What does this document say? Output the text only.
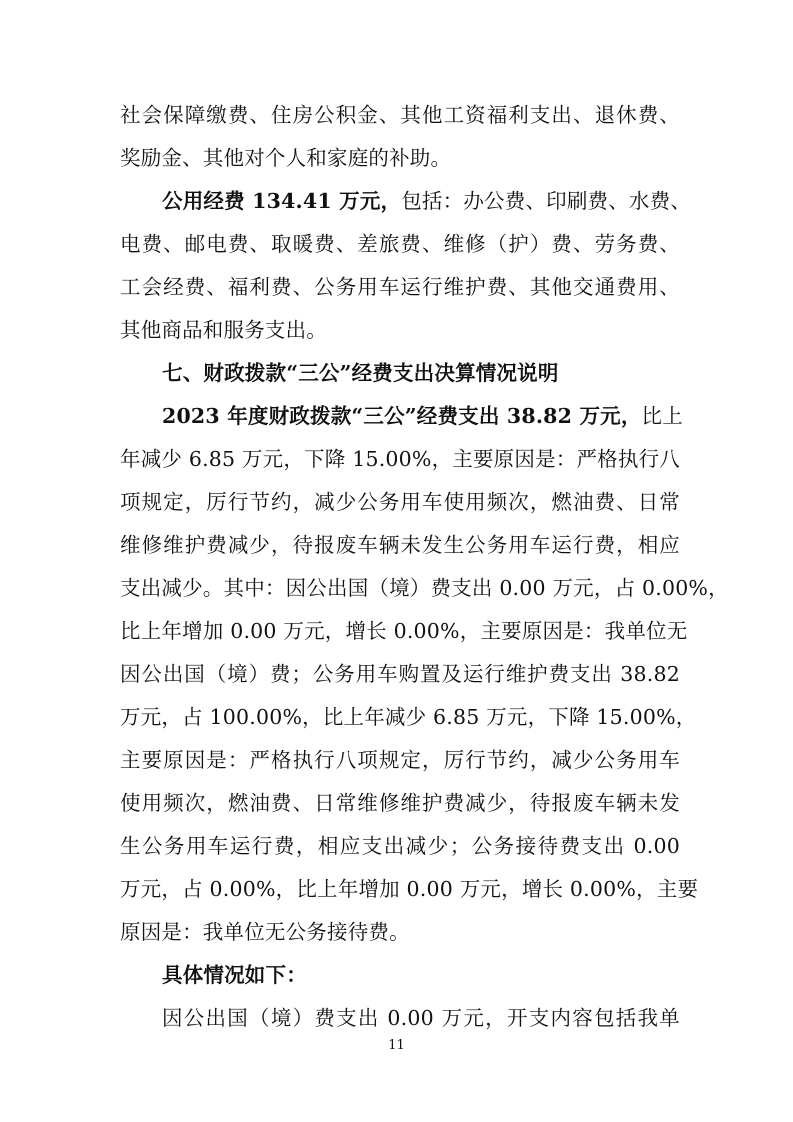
社会保障缴费、住房公积金、其他工资福利支出、退休费、
奖励金、其他对个人和家庭的补助。
公用经费 134.41 万元，包括：办公费、印刷费、水费、
电费、邮电费、取暖费、差旅费、维修（护）费、劳务费、
工会经费、福利费、公务用车运行维护费、其他交通费用、
其他商品和服务支出。
七、财政拨款“三公”经费支出决算情况说明
2023 年度财政拨款“三公”经费支出 38.82 万元，比上
年减少 6.85 万元，下降 15.00%，主要原因是：严格执行八
项规定，厉行节约，减少公务用车使用频次，燃油费、日常
维修维护费减少，待报废车辆未发生公务用车运行费，相应
支出减少。其中：因公出国（境）费支出 0.00 万元，占 0.00%，
比上年增加 0.00 万元，增长 0.00%，主要原因是：我单位无
因公出国（境）费；公务用车购置及运行维护费支出 38.82
万元，占 100.00%，比上年减少 6.85 万元，下降 15.00%，
主要原因是：严格执行八项规定，厉行节约，减少公务用车
使用频次，燃油费、日常维修维护费减少，待报废车辆未发
生公务用车运行费，相应支出减少；公务接待费支出 0.00
万元，占 0.00%，比上年增加 0.00 万元，增长 0.00%，主要
原因是：我单位无公务接待费。
具体情况如下：
因公出国（境）费支出 0.00 万元，开支内容包括我单
11
